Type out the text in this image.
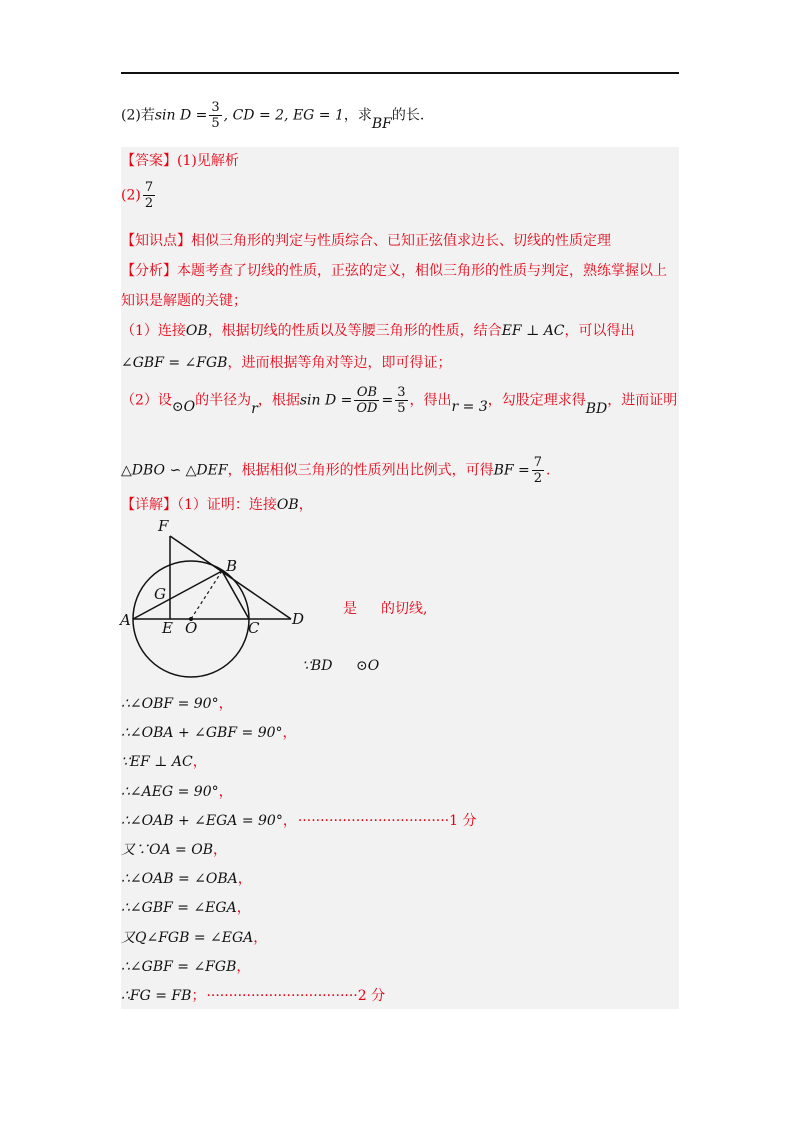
(2)若$\sin D = \frac{3}{5}$ , CD = 2, EG = 1，求BF的长.
【答案】(1)见解析
$(2) \frac{7}{2}$
【知识点】相似三角形的判定与性质综合、已知正弦值求边长、切线的性质定理
【分析】本题考查了切线的性质，正弦的定义，相似三角形的性质与判定，熟练掌握以上
知识是解题的关键；
（1）连接OB，根据切线的性质以及等腰三角形的性质，结合EF ⊥ AC，可以得出
∠GBF = ∠FGB，进而根据等角对等边，即可得证；
（2）设⊙O的半径为r，根据$\sin D = \frac{OB}{OD} = \frac{3}{5}$ ，得出r = 3，勾股定理求得BD，进而证明
△DBO ∽ △DEF，根据相似三角形的性质列出比例式，可得BF = $\frac{7}{2}$ .
【详解】（1）证明：连接OB，
F
B
G
A E O	C D
是 的切线,
∵BD ⊙O
∴∠OBF = 90°，
∴∠OBA + ∠GBF = 90°，
∵EF ⊥ AC，
∴∠AEG = 90°，
∴∠OAB + ∠EGA = 90°， ··································1 分
又∵OA = OB，
∴∠OAB = ∠OBA，
∴∠GBF = ∠EGA，
又Q∠FGB = ∠EGA，
∴∠GBF = ∠FGB，
∴FG = FB； ··································2 分
